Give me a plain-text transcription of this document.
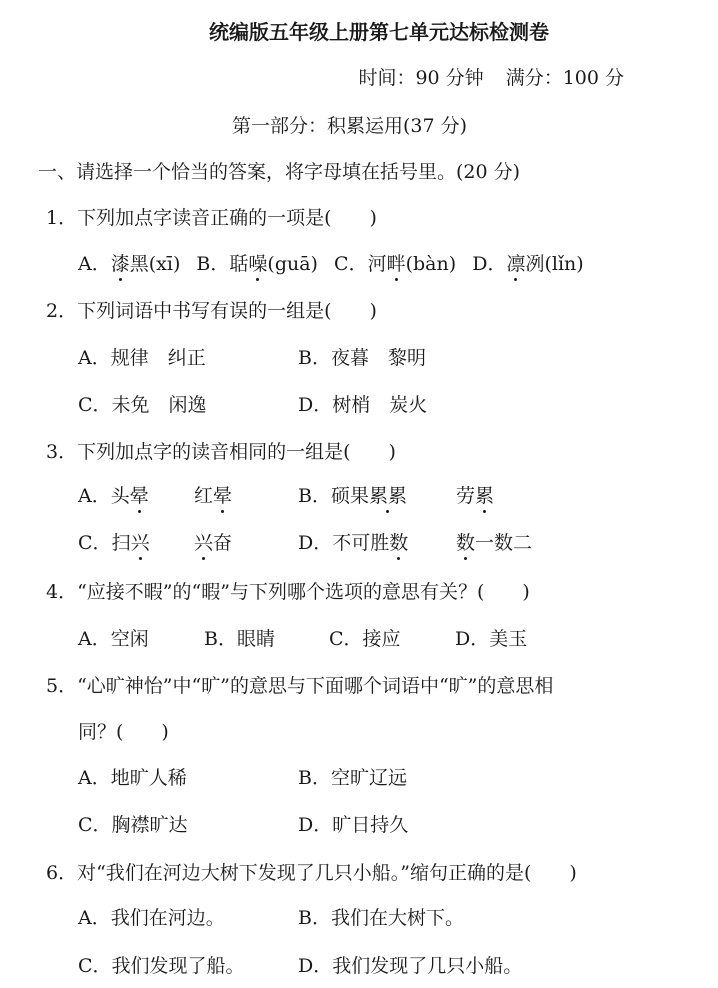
统编版五年级上册第七单元达标检测卷
时间：90 分钟 满分：100 分
第一部分：积累运用(37 分)
一、请选择一个恰当的答案，将字母填在括号里。(20 分)
1．下列加点字读音正确的一项是(　　)
A．漆黑(xī) B．聒噪(guā) C．河畔(bàn) D．凛冽(lǐn)
2．下列词语中书写有误的一组是(　　)
A．规律　纠正	B．夜暮　黎明
C．未免　闲逸	D．树梢　炭火
3．下列加点字的读音相同的一组是(　　)
A．头晕 红晕	B．硕果累累	劳累
C．扫兴 兴奋	D．不可胜数	数一数二
4．“应接不暇”的“暇”与下列哪个选项的意思有关？(　　)
A．空闲	B．眼睛	C．接应	D．美玉
5．“心旷神怡”中“旷”的意思与下面哪个词语中“旷”的意思相
同？(　　)
A．地旷人稀	B．空旷辽远
C．胸襟旷达	D．旷日持久
6．对“我们在河边大树下发现了几只小船。”缩句正确的是(　　)
A．我们在河边。	B．我们在大树下。
C．我们发现了船。	D．我们发现了几只小船。
